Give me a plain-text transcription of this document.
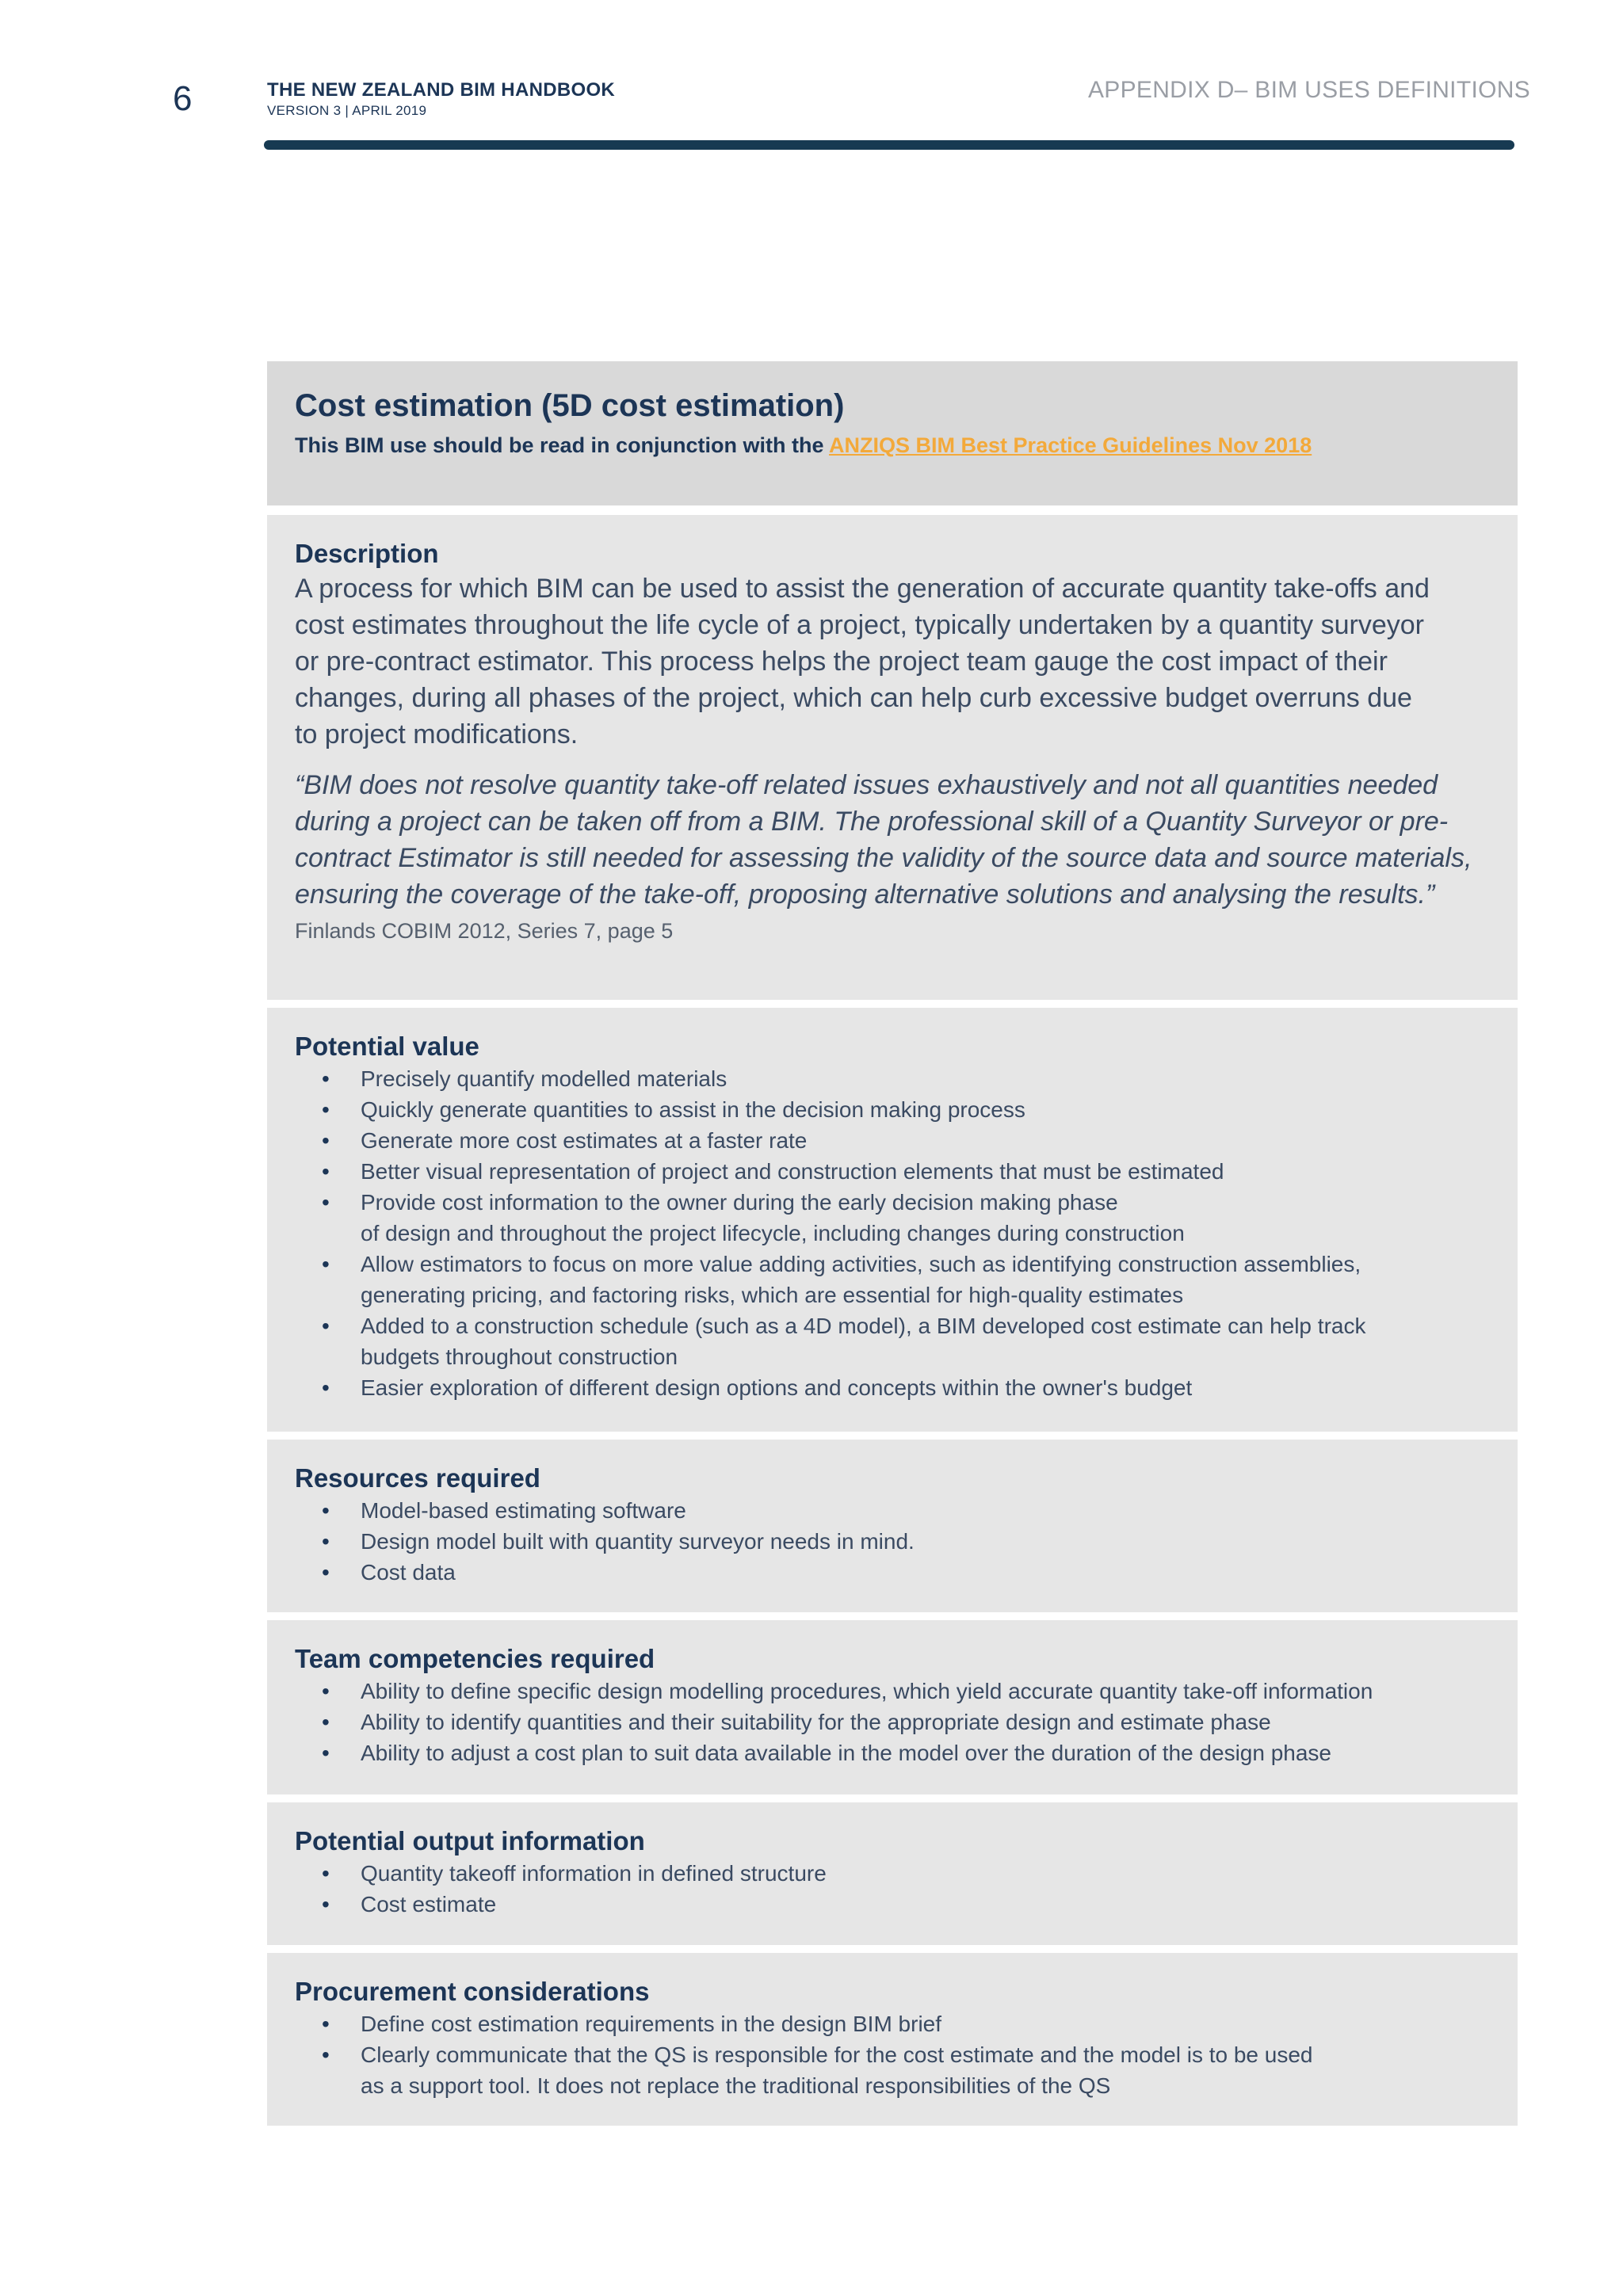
6	THE NEW ZEALAND BIM HANDBOOK
VERSION 3 | APRIL 2019
APPENDIX D– BIM USES DEFINITIONS
Cost estimation (5D cost estimation)
This BIM use should be read in conjunction with the ANZIQS BIM Best Practice Guidelines Nov 2018
Description
A process for which BIM can be used to assist the generation of accurate quantity take-offs and
cost estimates throughout the life cycle of a project, typically undertaken by a quantity surveyor
or pre-contract estimator. This process helps the project team gauge the cost impact of their
changes, during all phases of the project, which can help curb excessive budget overruns due
to project modifications.
“BIM does not resolve quantity take-off related issues exhaustively and not all quantities needed
during a project can be taken off from a BIM. The professional skill of a Quantity Surveyor or pre-
contract Estimator is still needed for assessing the validity of the source data and source materials,
ensuring the coverage of the take-off, proposing alternative solutions and analysing the results.”
Finlands COBIM 2012, Series 7, page 5
Potential value
• Precisely quantify modelled materials
• Quickly generate quantities to assist in the decision making process
• Generate more cost estimates at a faster rate
• Better visual representation of project and construction elements that must be estimated
• Provide cost information to the owner during the early decision making phase
of design and throughout the project lifecycle, including changes during construction
• Allow estimators to focus on more value adding activities, such as identifying construction assemblies,
generating pricing, and factoring risks, which are essential for high-quality estimates
• Added to a construction schedule (such as a 4D model), a BIM developed cost estimate can help track
budgets throughout construction
• Easier exploration of different design options and concepts within the owner's budget
Resources required
• Model-based estimating software
• Design model built with quantity surveyor needs in mind.
• Cost data
Team competencies required
• Ability to define specific design modelling procedures, which yield accurate quantity take-off information
• Ability to identify quantities and their suitability for the appropriate design and estimate phase
• Ability to adjust a cost plan to suit data available in the model over the duration of the design phase
Potential output information
• Quantity takeoff information in defined structure
• Cost estimate
Procurement considerations
• Define cost estimation requirements in the design BIM brief
• Clearly communicate that the QS is responsible for the cost estimate and the model is to be used
as a support tool. It does not replace the traditional responsibilities of the QS
